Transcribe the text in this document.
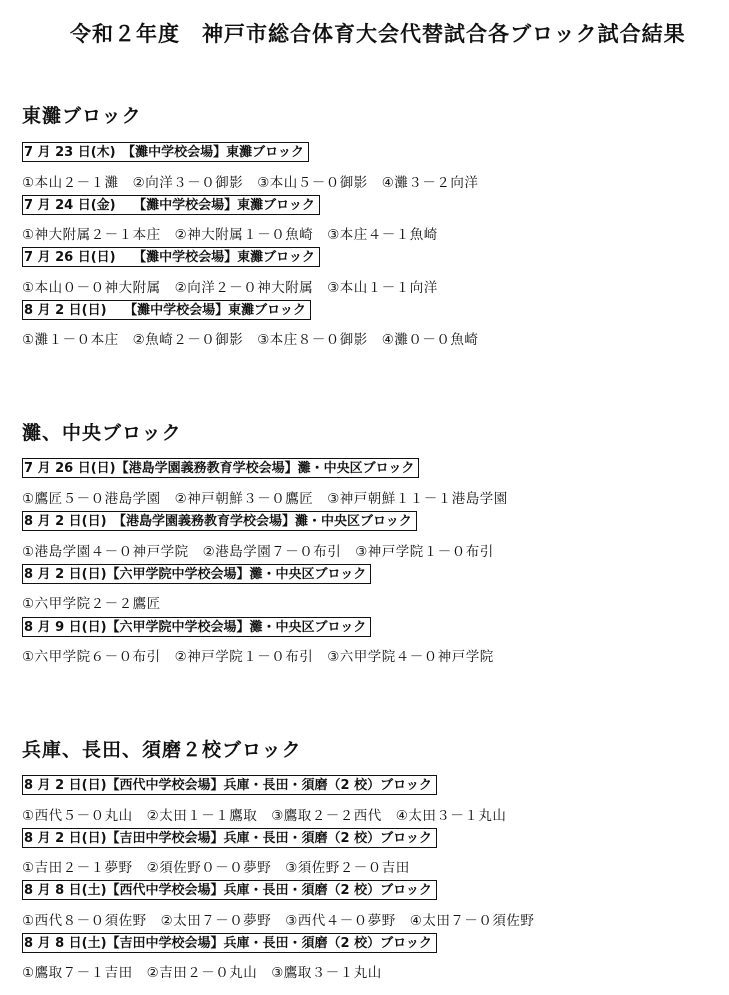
令和２年度　神戸市総合体育大会代替試合各ブロック試合結果
東灘ブロック
7 月 23 日(木)　【灘中学校会場】東灘ブロック
①本山２－１灘　②向洋３－０御影　③本山５－０御影　④灘３－２向洋
7 月 24 日(金)　 【灘中学校会場】東灘ブロック
①神大附属２－１本庄　②神大附属１－０魚崎　③本庄４－１魚崎
7 月 26 日(日)　 【灘中学校会場】東灘ブロック
①本山０－０神大附属　②向洋２－０神大附属　③本山１－１向洋
8 月 2 日(日)　 【灘中学校会場】東灘ブロック
①灘１－０本庄　②魚崎２－０御影　③本庄８－０御影　④灘０－０魚崎
灘、中央ブロック
7 月 26 日(日)【港島学園義務教育学校会場】灘・中央区ブロック
①鷹匠５－０港島学園　②神戸朝鮮３－０鷹匠　③神戸朝鮮１１－１港島学園
8 月 2 日(日)　【港島学園義務教育学校会場】灘・中央区ブロック
①港島学園４－０神戸学院　②港島学園７－０布引　③神戸学院１－０布引
8 月 2 日(日)【六甲学院中学校会場】灘・中央区ブロック
①六甲学院２－２鷹匠
8 月 9 日(日)【六甲学院中学校会場】灘・中央区ブロック
①六甲学院６－０布引　②神戸学院１－０布引　③六甲学院４－０神戸学院
兵庫、長田、須磨２校ブロック
8 月 2 日(日)【西代中学校会場】兵庫・長田・須磨（2 校）ブロック
①西代５－０丸山　②太田１－１鷹取　③鷹取２－２西代　④太田３－１丸山
8 月 2 日(日)【吉田中学校会場】兵庫・長田・須磨（2 校）ブロック
①吉田２－１夢野　②須佐野０－０夢野　③須佐野２－０吉田
8 月 8 日(土)【西代中学校会場】兵庫・長田・須磨（2 校）ブロック
①西代８－０須佐野　②太田７－０夢野　③西代４－０夢野　④太田７－０須佐野
8 月 8 日(土)【吉田中学校会場】兵庫・長田・須磨（2 校）ブロック
①鷹取７－１吉田　②吉田２－０丸山　③鷹取３－１丸山
